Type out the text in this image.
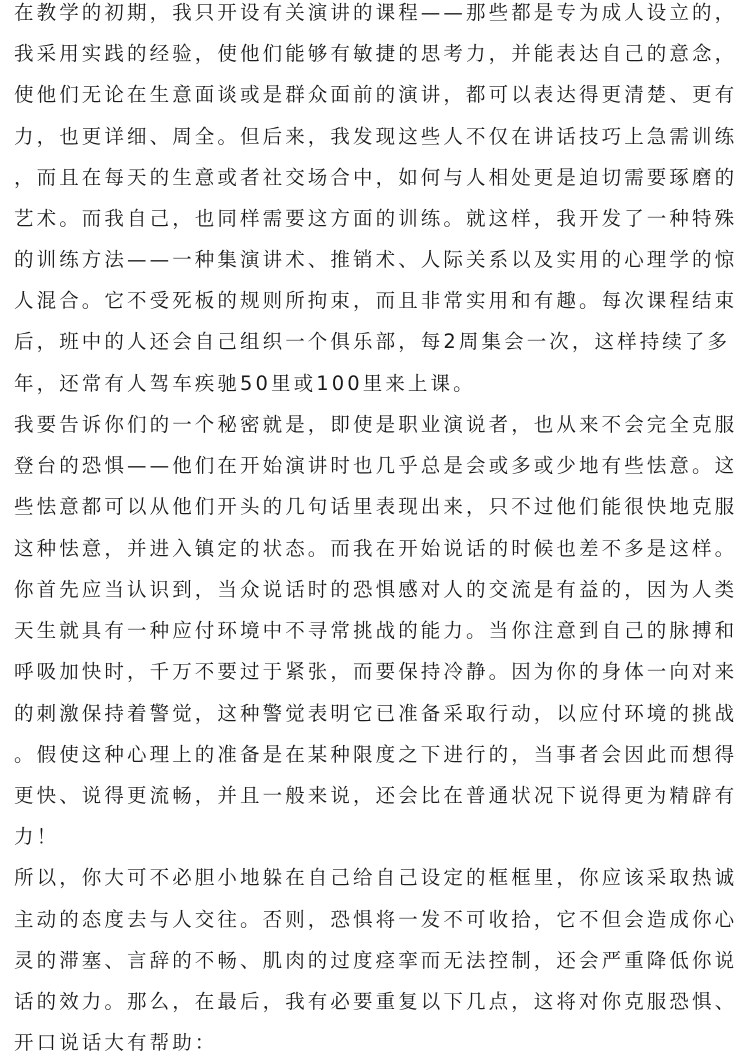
在教学的初期，我只开设有关演讲的课程——那些都是专为成人设立的，
我采用实践的经验，使他们能够有敏捷的思考力，并能表达自己的意念，
使他们无论在生意面谈或是群众面前的演讲，都可以表达得更清楚、更有
力，也更详细、周全。但后来，我发现这些人不仅在讲话技巧上急需训练
，而且在每天的生意或者社交场合中，如何与人相处更是迫切需要琢磨的
艺术。而我自己，也同样需要这方面的训练。就这样，我开发了一种特殊
的训练方法——一种集演讲术、推销术、人际关系以及实用的心理学的惊
人混合。它不受死板的规则所拘束，而且非常实用和有趣。每次课程结束
后，班中的人还会自己组织一个俱乐部，每2周集会一次，这样持续了多
年，还常有人驾车疾驰50里或100里来上课。
我要告诉你们的一个秘密就是，即使是职业演说者，也从来不会完全克服
登台的恐惧——他们在开始演讲时也几乎总是会或多或少地有些怯意。这
些怯意都可以从他们开头的几句话里表现出来，只不过他们能很快地克服
这种怯意，并进入镇定的状态。而我在开始说话的时候也差不多是这样。
你首先应当认识到，当众说话时的恐惧感对人的交流是有益的，因为人类
天生就具有一种应付环境中不寻常挑战的能力。当你注意到自己的脉搏和
呼吸加快时，千万不要过于紧张，而要保持冷静。因为你的身体一向对来
的刺激保持着警觉，这种警觉表明它已准备采取行动，以应付环境的挑战
。假使这种心理上的准备是在某种限度之下进行的，当事者会因此而想得
更快、说得更流畅，并且一般来说，还会比在普通状况下说得更为精辟有
力！
所以，你大可不必胆小地躲在自己给自己设定的框框里，你应该采取热诚
主动的态度去与人交往。否则，恐惧将一发不可收拾，它不但会造成你心
灵的滞塞、言辞的不畅、肌肉的过度痉挛而无法控制，还会严重降低你说
话的效力。那么，在最后，我有必要重复以下几点，这将对你克服恐惧、
开口说话大有帮助：
